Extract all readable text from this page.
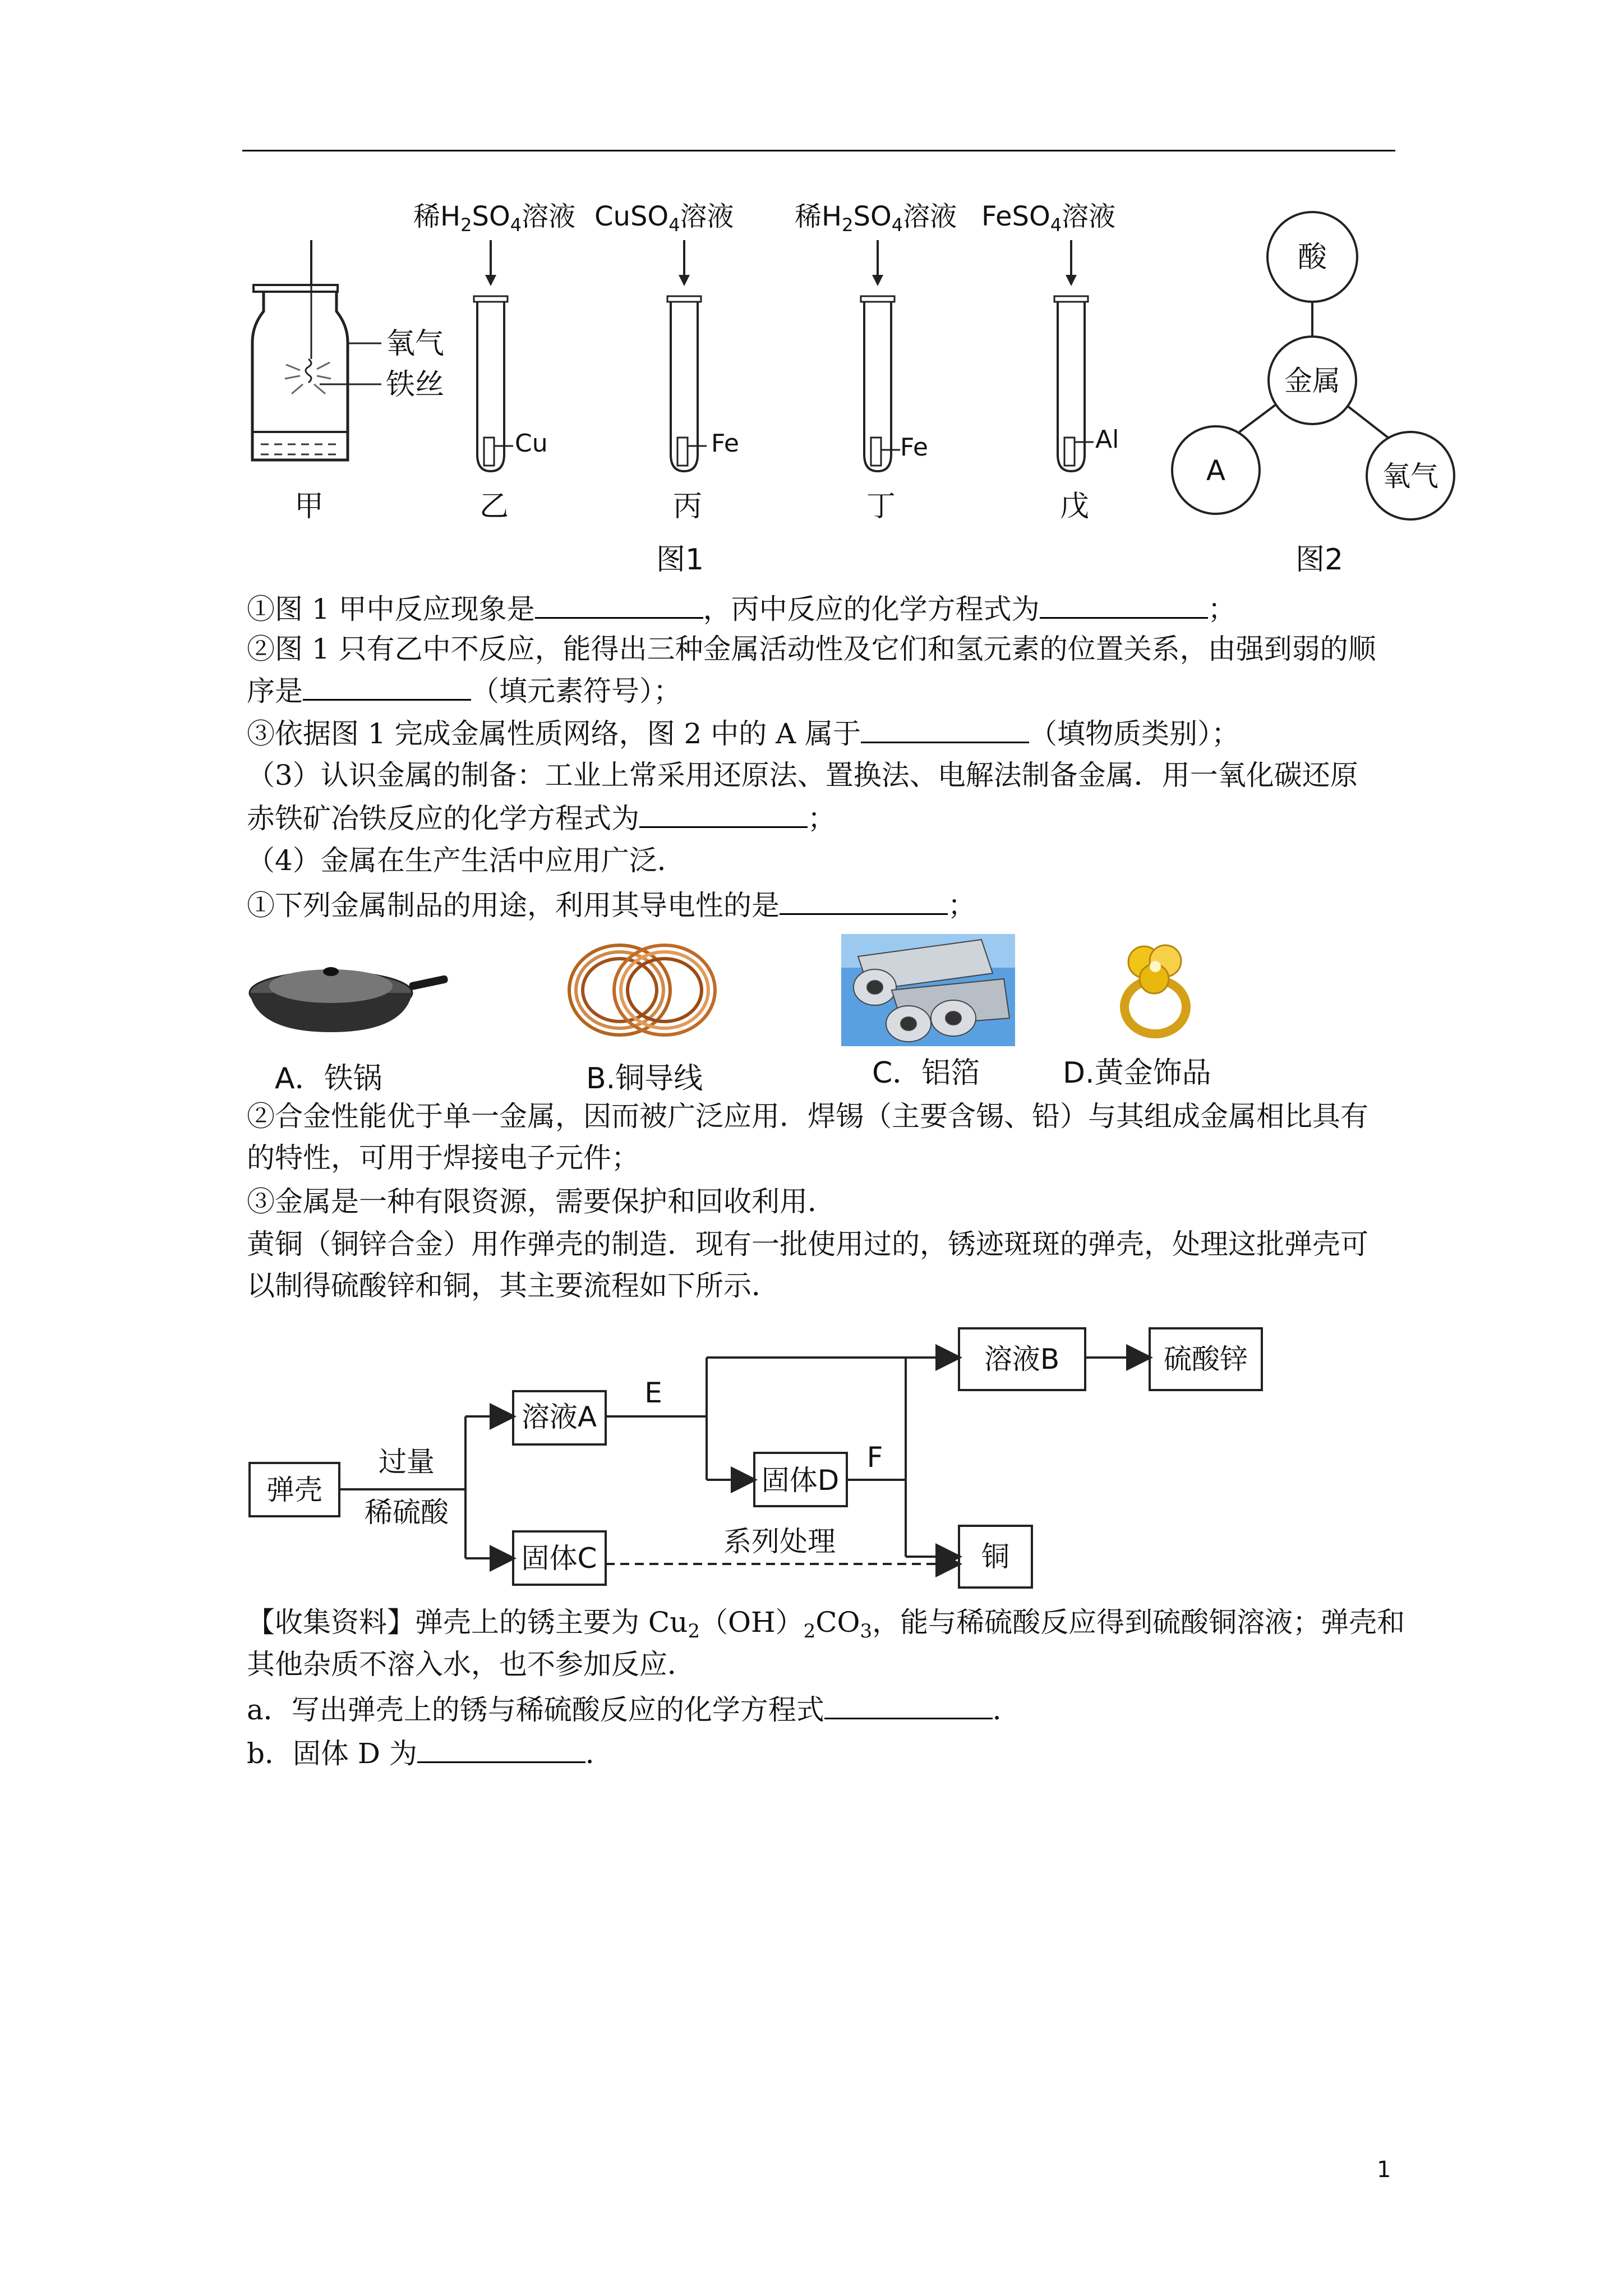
氧气
铁丝
甲
稀$H_2SO_4$溶液
Cu
乙
CuSO$_4$溶液
Fe
丙
稀$H_2SO_4$溶液
Fe
丁
FeSO$_4$溶液
Al
戊
图1
酸
金属
A	氧气
图2
①图 1 甲中反应现象是	，丙中反应的化学方程式为	；
②图 1 只有乙中不反应，能得出三种金属活动性及它们和氢元素的位置关系，由强到弱的顺
序是	（填元素符号）；
③依据图 1 完成金属性质网络，图 2 中的 A 属于	（填物质类别）；
（3）认识金属的制备：工业上常采用还原法、置换法、电解法制备金属．用一氧化碳还原
赤铁矿冶铁反应的化学方程式为	；
（4）金属在生产生活中应用广泛．
①下列金属制品的用途，利用其导电性的是	；
A．铁锅	B.铜导线	C．铝箔	D.黄金饰品
②合金性能优于单一金属，因而被广泛应用．焊锡（主要含锡、铅）与其组成金属相比具有
的特性，可用于焊接电子元件；
③金属是一种有限资源，需要保护和回收利用．
黄铜（铜锌合金）用作弹壳的制造．现有一批使用过的，锈迹斑斑的弹壳，处理这批弹壳可
以制得硫酸锌和铜，其主要流程如下所示．
弹壳
过量
稀硫酸
溶液A
固体C
E
固体D
F
溶液B	硫酸锌
铜
系列处理
【收集资料】弹壳上的锈主要为 $Cu_2(OH)_2CO_3$，能与稀硫酸反应得到硫酸铜溶液；弹壳和
其他杂质不溶入水，也不参加反应．
a．写出弹壳上的锈与稀硫酸反应的化学方程式	．
b．固体 D 为	．
1
